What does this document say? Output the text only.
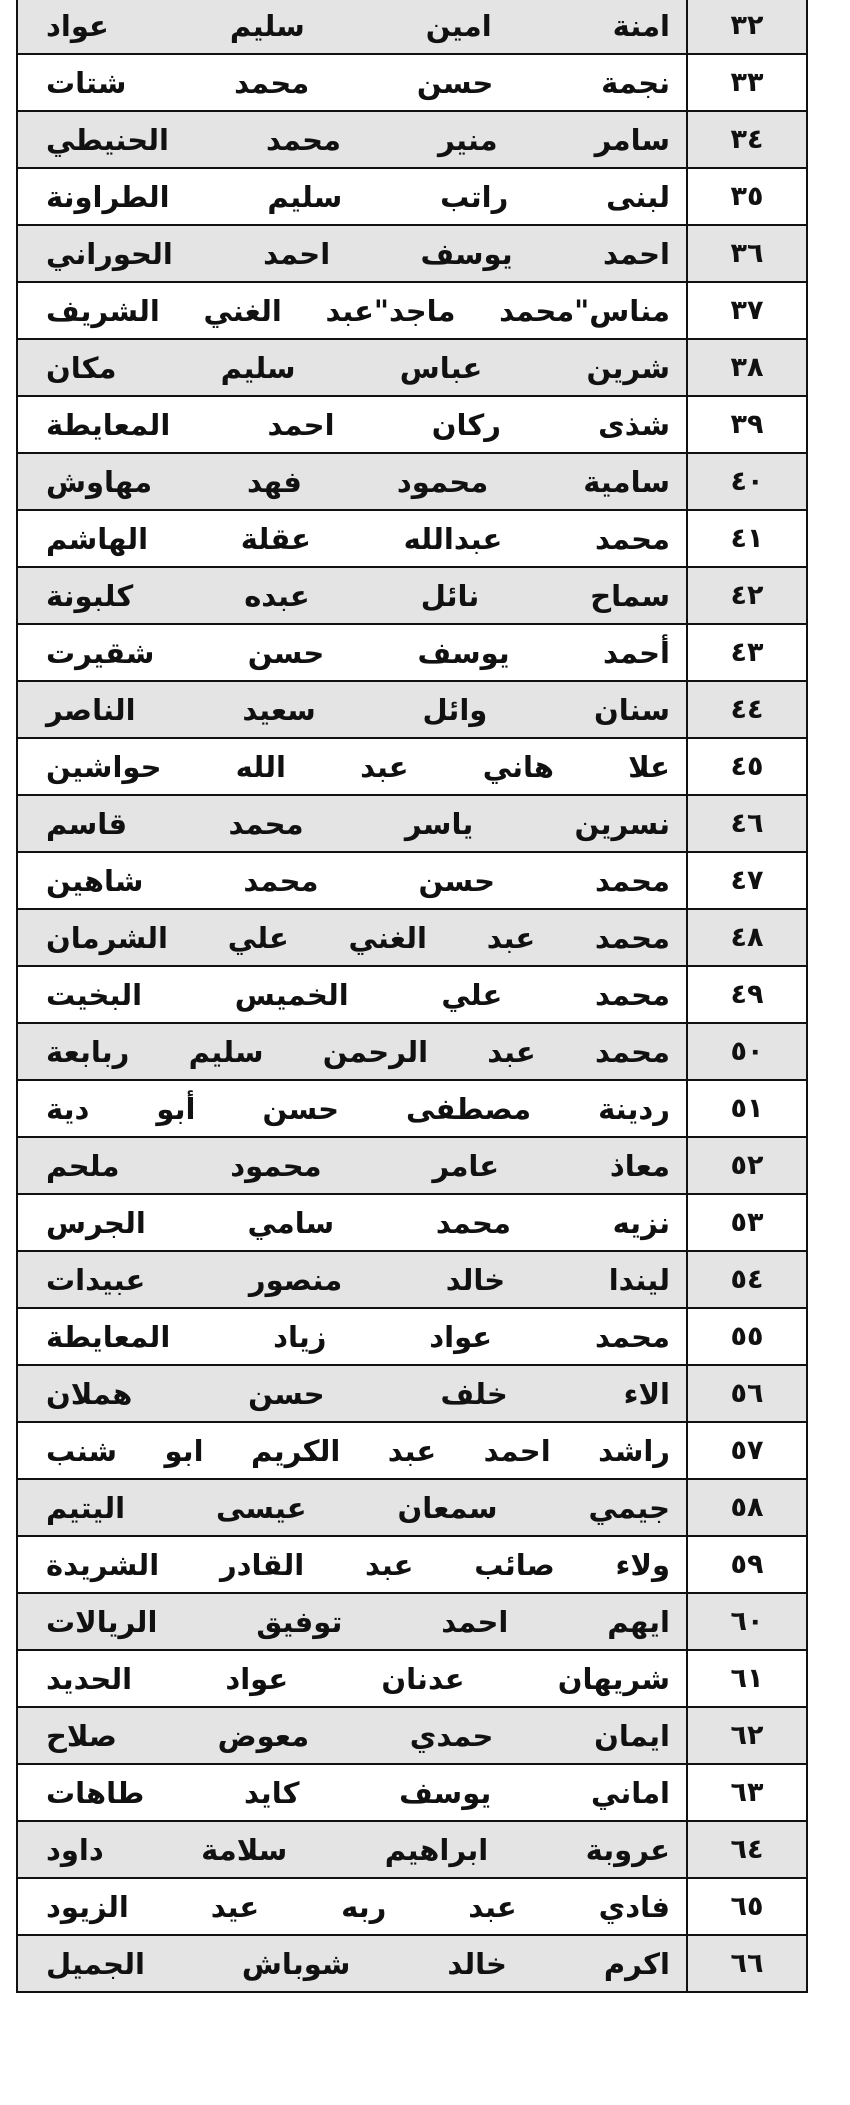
٣٢	امنة امين سليم عواد
٣٣	نجمة حسن محمد شتات
٣٤	سامر منير محمد الحنيطي
٣٥	لبنى راتب سليم الطراونة
٣٦	احمد يوسف احمد الحوراني
٣٧	مناس"محمد ماجد"عبد الغني الشريف
٣٨	شرين عباس سليم مكان
٣٩	شذى ركان احمد المعايطة
٤٠	سامية محمود فهد مهاوش
٤١	محمد عبدالله عقلة الهاشم
٤٢	سماح نائل عبده كلبونة
٤٣	أحمد يوسف حسن شقيرت
٤٤	سنان وائل سعيد الناصر
٤٥	علا هاني عبد الله حواشين
٤٦	نسرين ياسر محمد قاسم
٤٧	محمد حسن محمد شاهين
٤٨	محمد عبد الغني علي الشرمان
٤٩	محمد علي الخميس البخيت
٥٠	محمد عبد الرحمن سليم ربابعة
٥١	ردينة مصطفى حسن أبو دية
٥٢	معاذ عامر محمود ملحم
٥٣	نزيه محمد سامي الجرس
٥٤	ليندا خالد منصور عبيدات
٥٥	محمد عواد زياد المعايطة
٥٦	الاء خلف حسن هملان
٥٧	راشد احمد عبد الكريم ابو شنب
٥٨	جيمي سمعان عيسى اليتيم
٥٩	ولاء صائب عبد القادر الشريدة
٦٠	ايهم احمد توفيق الريالات
٦١	شريهان عدنان عواد الحديد
٦٢	ايمان حمدي معوض صلاح
٦٣	اماني يوسف كايد طاهات
٦٤	عروبة ابراهيم سلامة داود
٦٥	فادي عبد ربه عيد الزيود
٦٦	اكرم خالد شوباش الجميل
